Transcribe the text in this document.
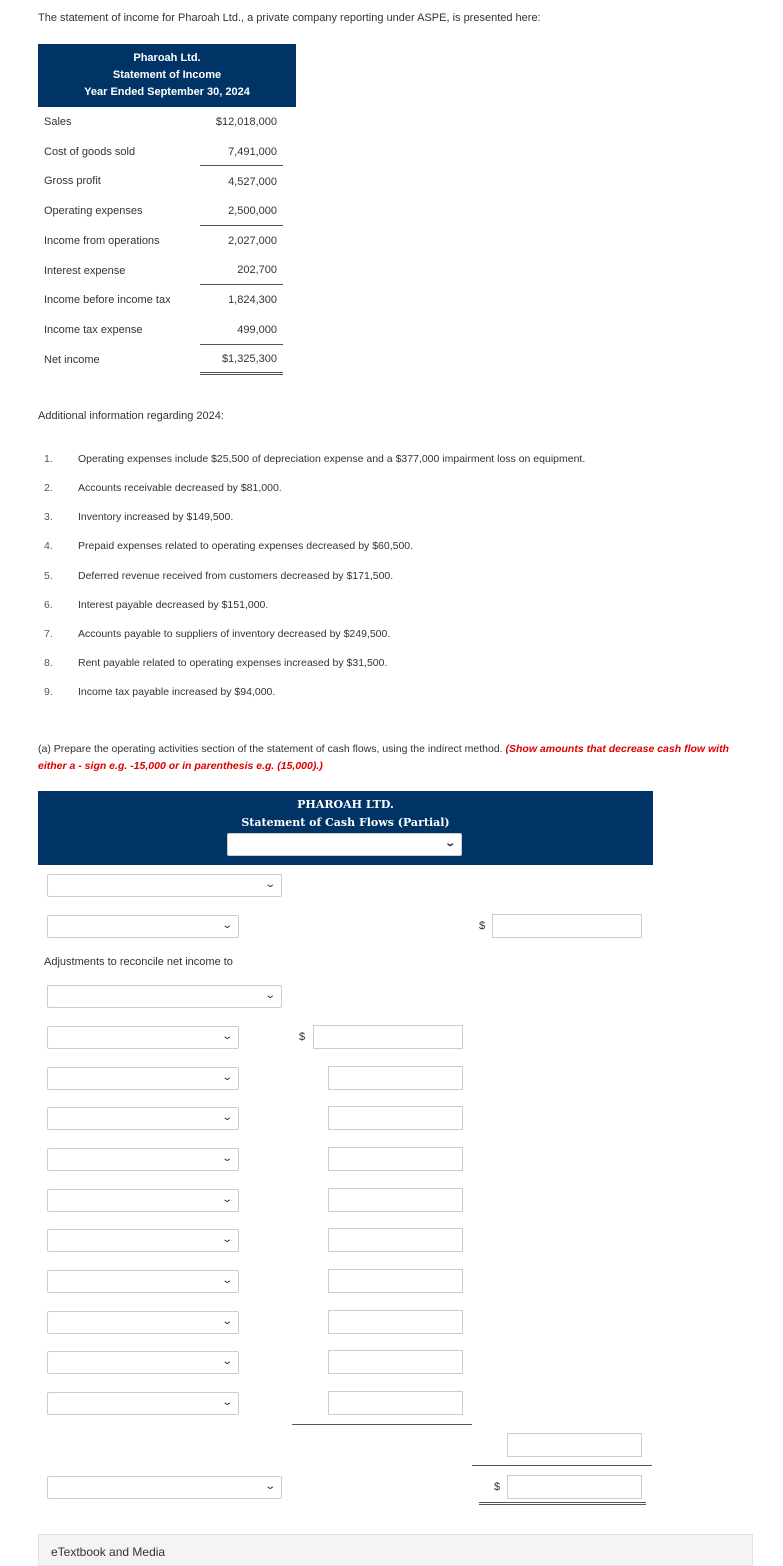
The statement of income for Pharoah Ltd., a private company reporting under ASPE, is presented here:
Pharoah Ltd.
Statement of Income
Year Ended September 30, 2024
Sales	$12,018,000
Cost of goods sold	7,491,000
Gross profit	4,527,000
Operating expenses	2,500,000
Income from operations	2,027,000
Interest expense	202,700
Income before income tax	1,824,300
Income tax expense	499,000
Net income	$1,325,300
Additional information regarding 2024:
1. Operating expenses include $25,500 of depreciation expense and a $377,000 impairment loss on equipment.
2. Accounts receivable decreased by $81,000.
3. Inventory increased by $149,500.
4. Prepaid expenses related to operating expenses decreased by $60,500.
5. Deferred revenue received from customers decreased by $171,500.
6. Interest payable decreased by $151,000.
7. Accounts payable to suppliers of inventory decreased by $249,500.
8. Rent payable related to operating expenses increased by $31,500.
9. Income tax payable increased by $94,000.
(a) Prepare the operating activities section of the statement of cash flows, using the indirect method. (Show amounts that decrease cash flow with either a - sign e.g. -15,000 or in parenthesis e.g. (15,000).)
PHAROAH LTD.
Statement of Cash Flows (Partial)
⌄
⌄
⌄	$
Adjustments to reconcile net income to
⌄
⌄	$
⌄
⌄
⌄
⌄
⌄
⌄
⌄
⌄
⌄
⌄	$
eTextbook and Media
